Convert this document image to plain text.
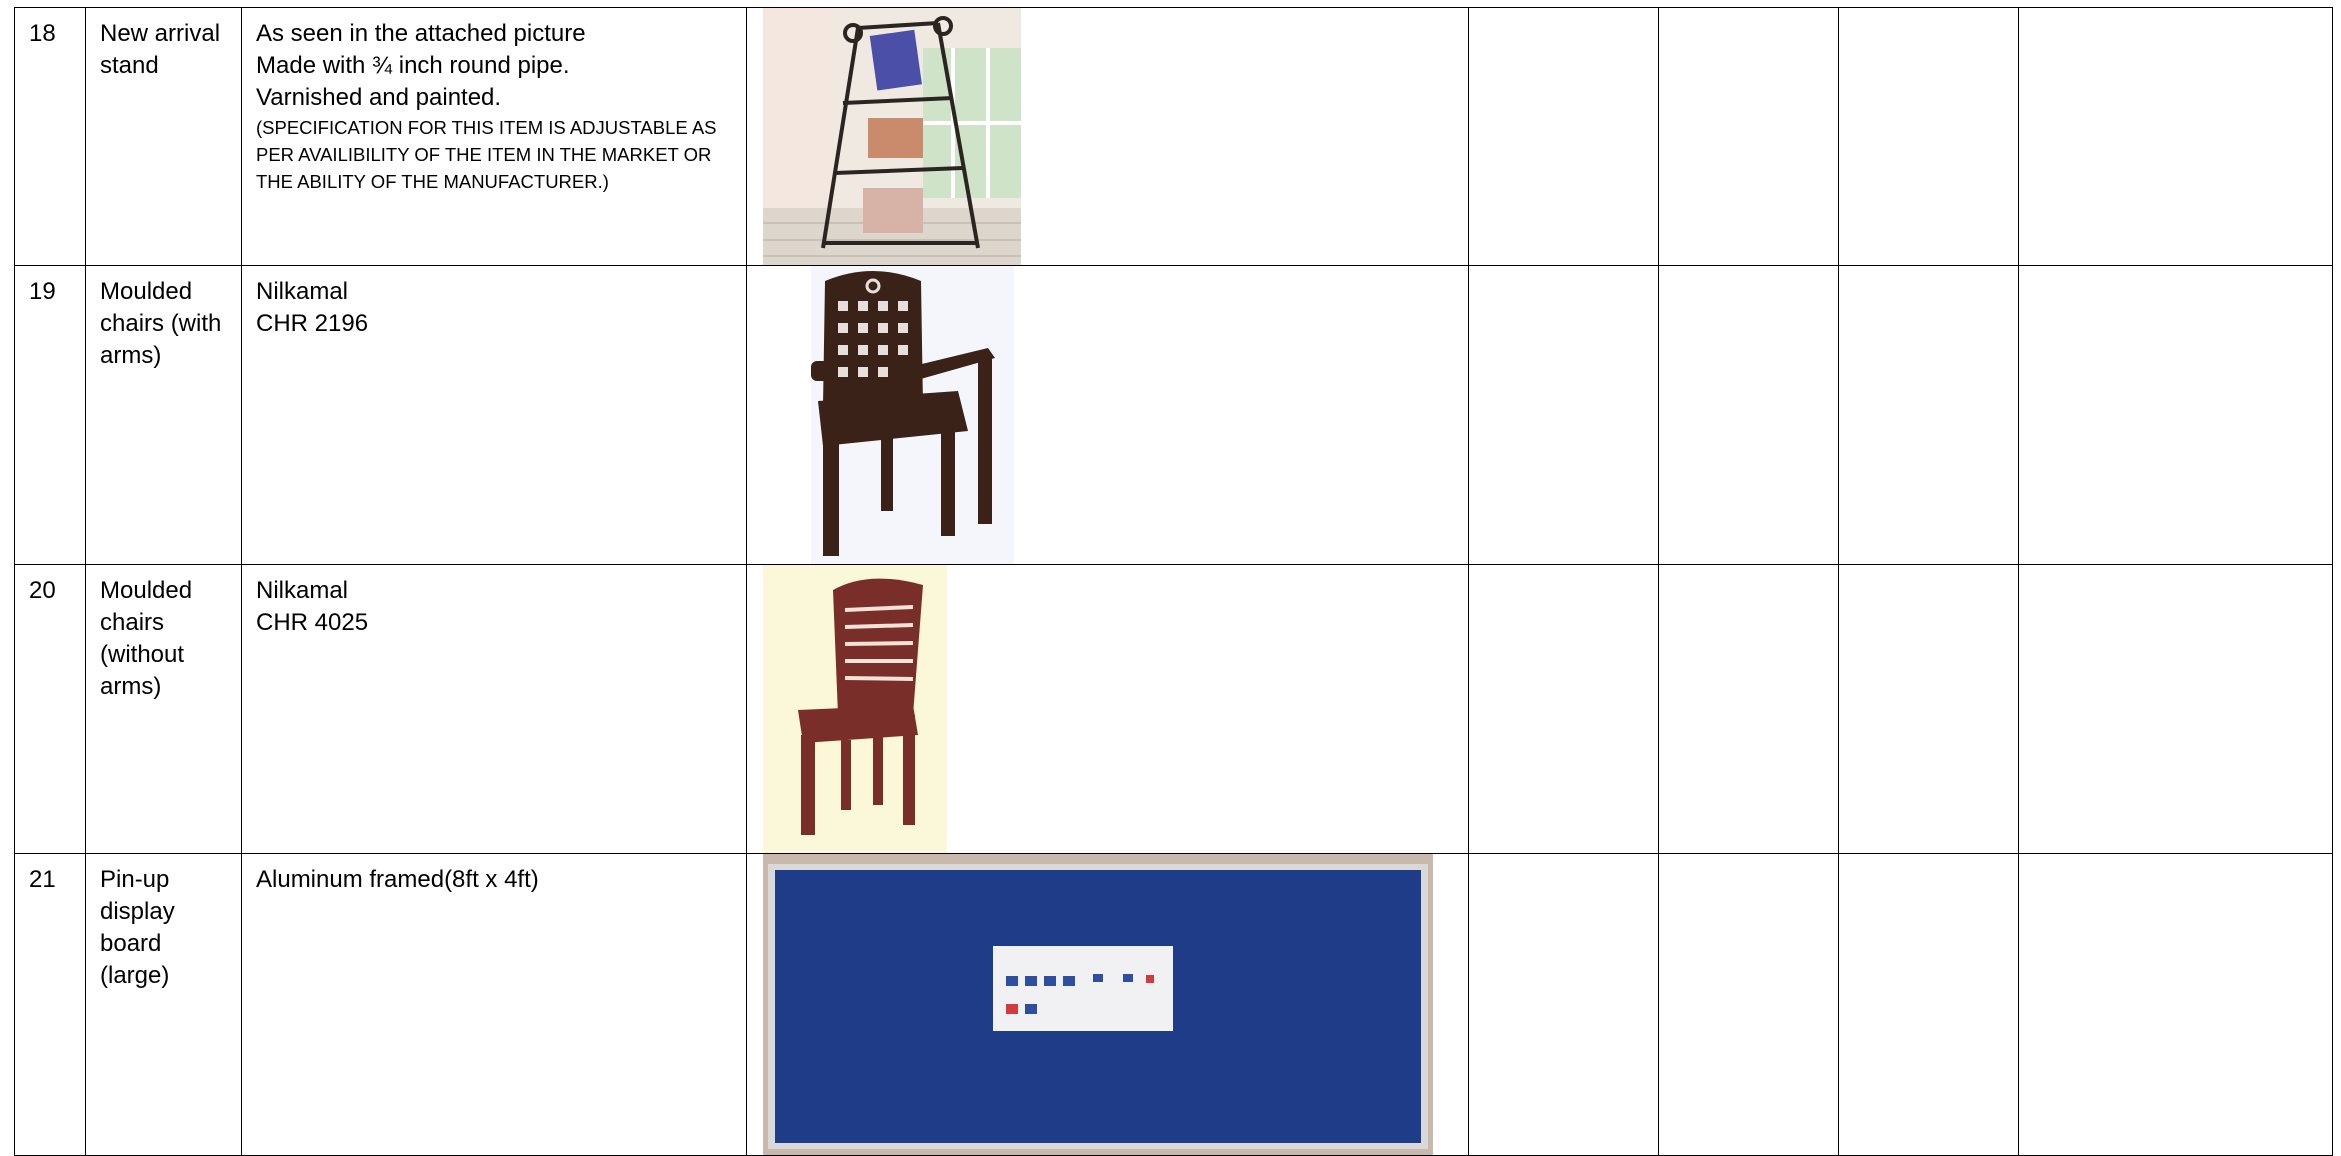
18	New arrival stand	As seen in the attached picture
Made with ¾ inch round pipe.
Varnished and painted.
(SPECIFICATION FOR THIS ITEM IS ADJUSTABLE AS PER AVAILIBILITY OF THE ITEM IN THE MARKET OR THE ABILITY OF THE MANUFACTURER.)

19	Moulded chairs (with arms)	Nilkamal
CHR 2196

20	Moulded chairs (without arms)	Nilkamal
CHR 4025

21	Pin-up display board (large)	Aluminum framed(8ft x 4ft)
